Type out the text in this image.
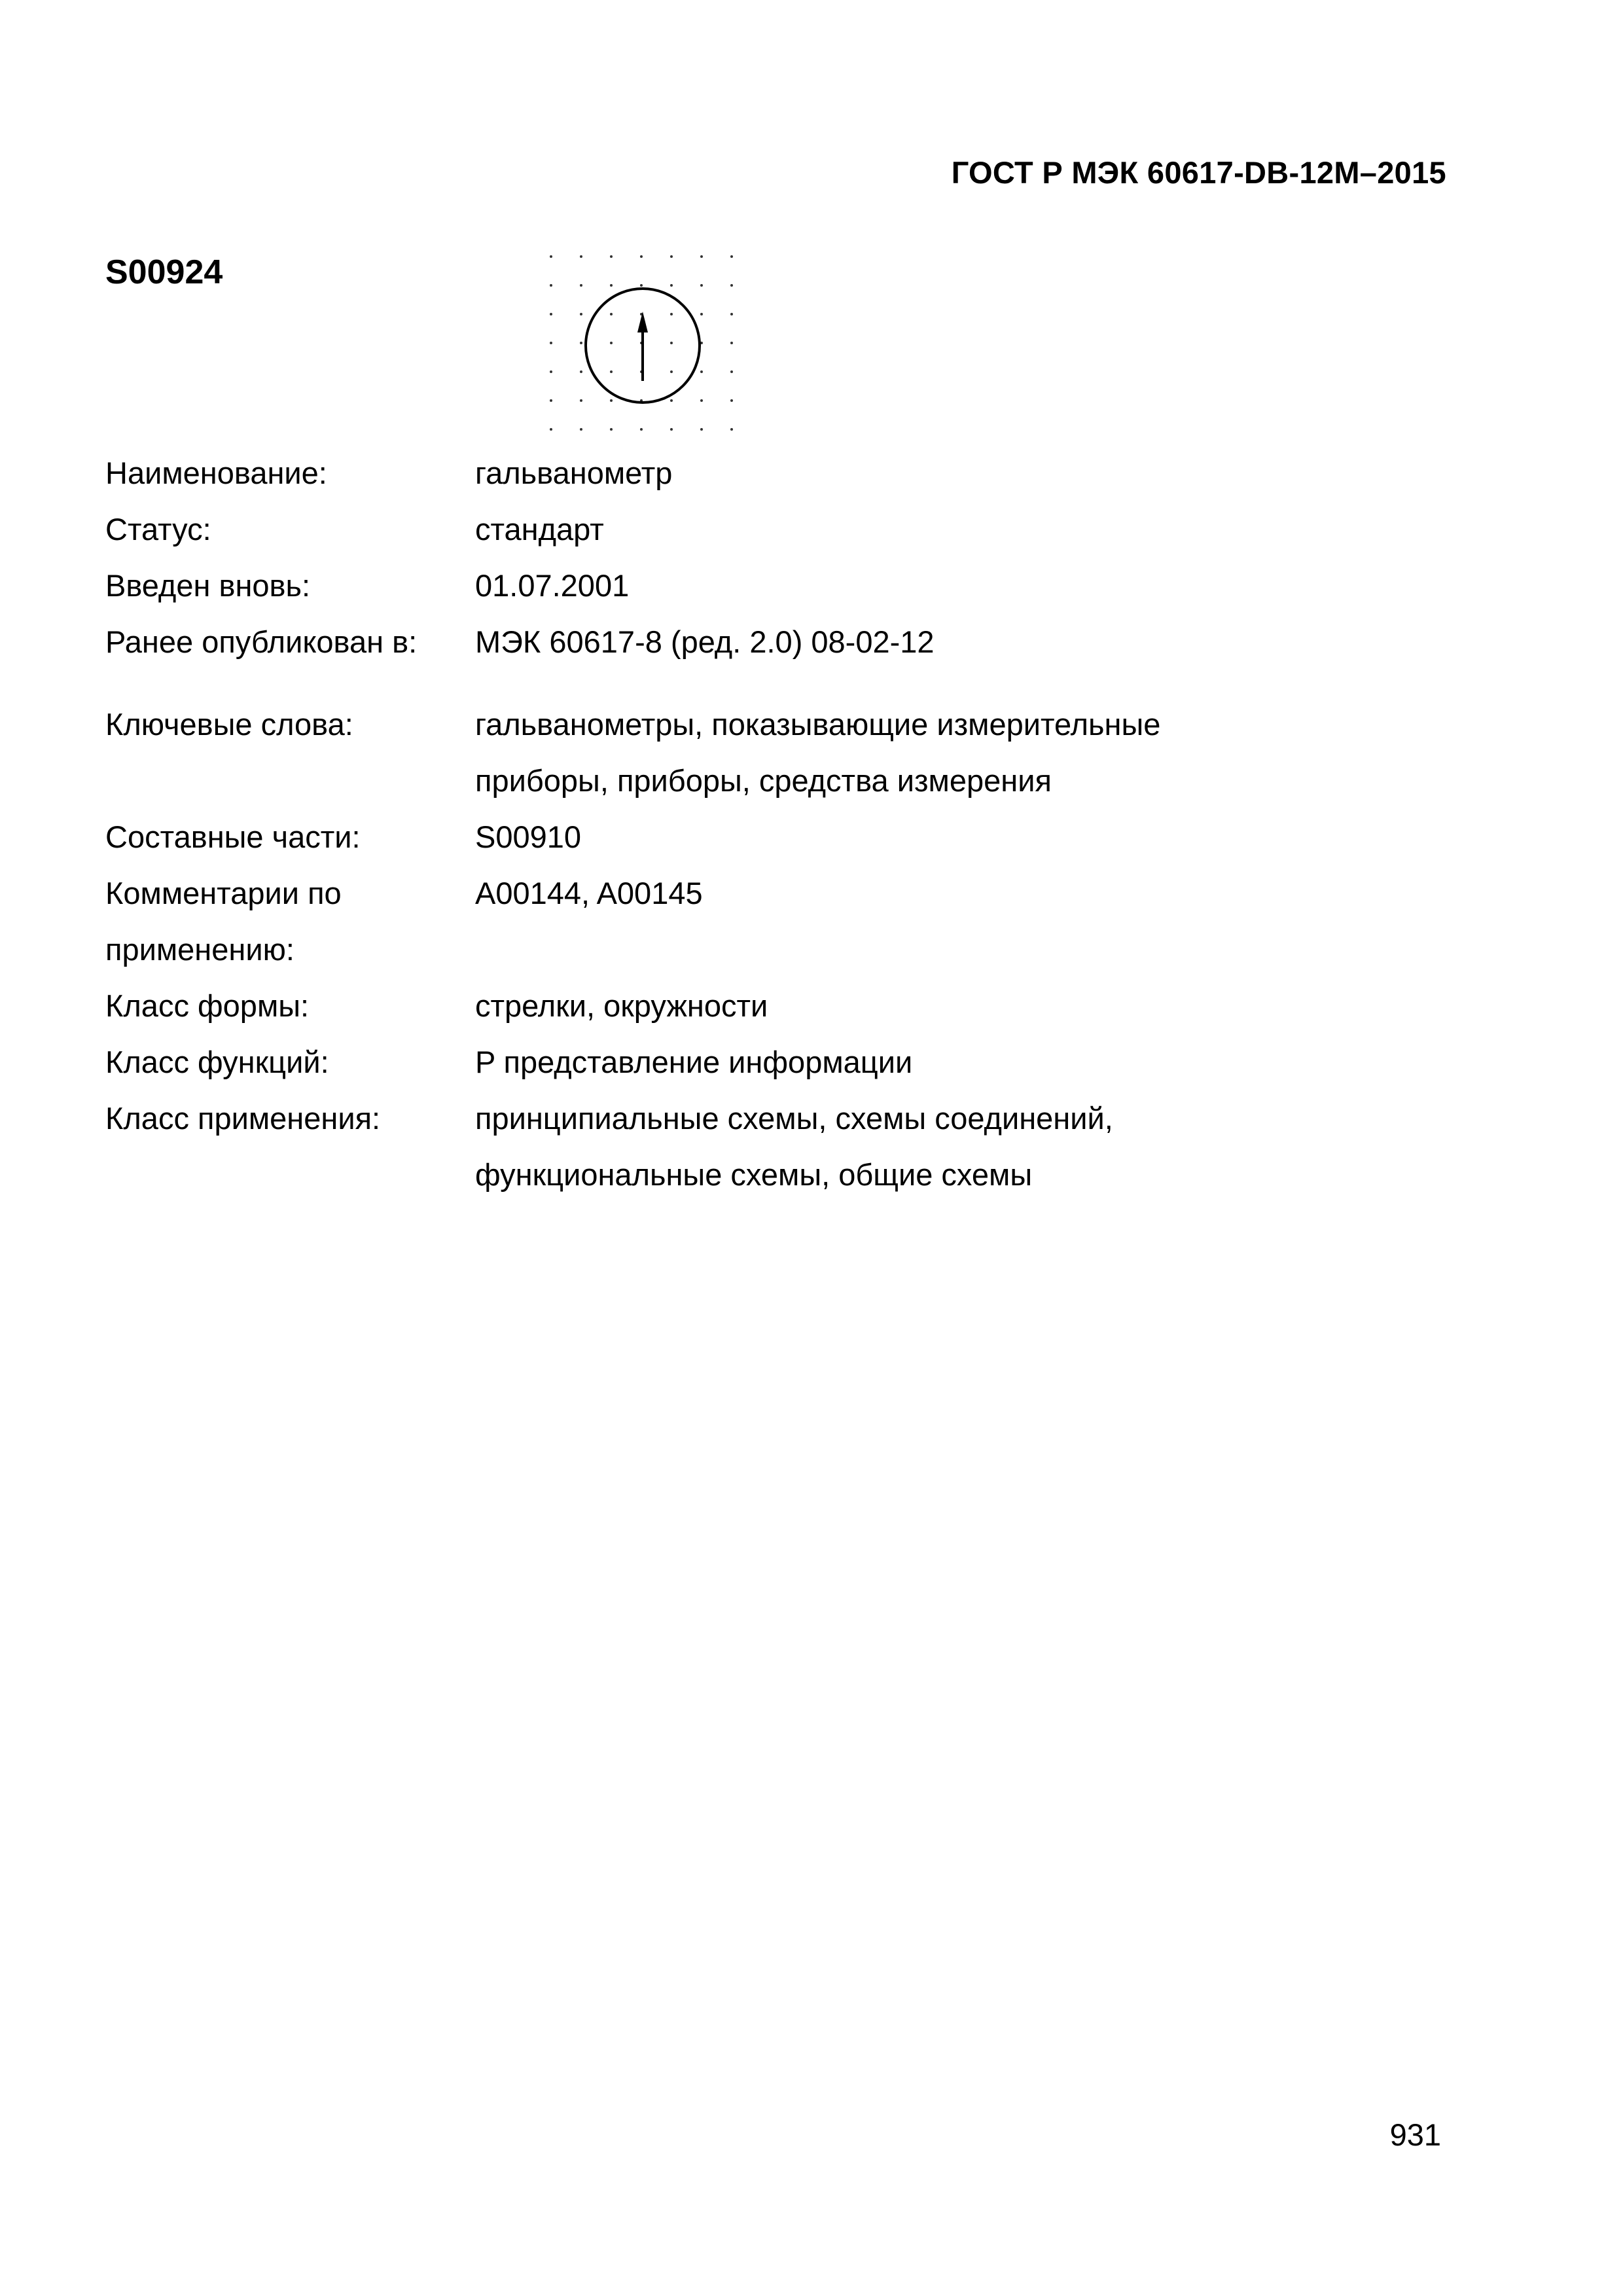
ГОСТ Р МЭК 60617-DB-12M–2015
S00924
Наименование:	гальванометр
Статус:	стандарт
Введен вновь:	01.07.2001
Ранее опубликован в:	МЭК 60617-8 (ред. 2.0) 08-02-12
Ключевые слова:	гальванометры, показывающие измерительные
приборы, приборы, средства измерения
Составные части:	S00910
Комментарии по	A00144, A00145
применению:
Класс формы:	стрелки, окружности
Класс функций:	P представление информации
Класс применения:	принципиальные схемы, схемы соединений,
функциональные схемы, общие схемы
931
